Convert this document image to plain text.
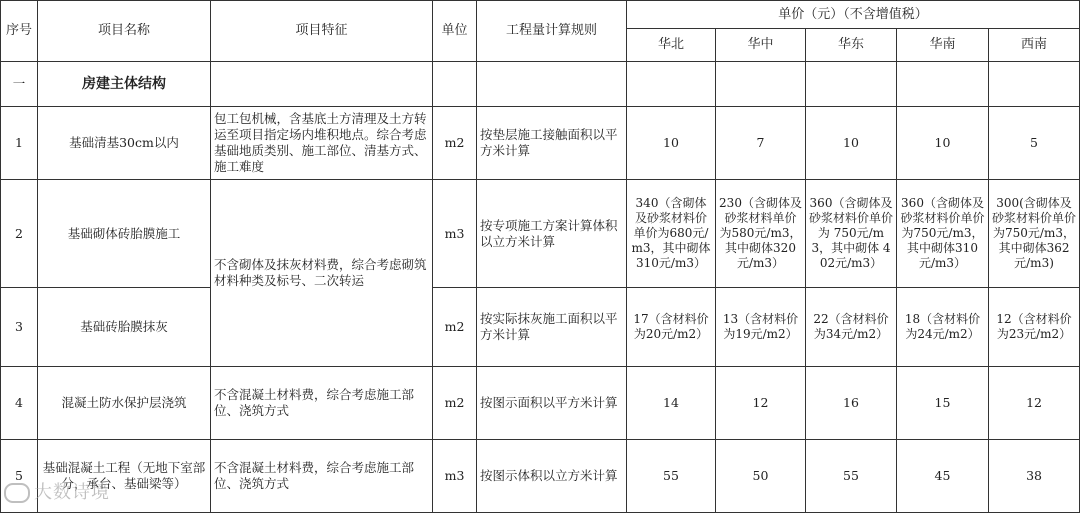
序号	项目名称	项目特征	单位	工程量计算规则	单价（元）（不含增值税）				
					华北	华中	华东	华南	西南
一	房建主体结构								
1	基础清基30cm以内	包工包机械，含基底土方清理及土方转运至项目指定场内堆积地点。综合考虑基础地质类别、施工部位、清基方式、施工难度	m2	按垫层施工接触面积以平方米计算	10	7	10	10	5
2	基础砌体砖胎膜施工	不含砌体及抹灰材料费，综合考虑砌筑材料种类及标号、二次转运	m3	按专项施工方案计算体积以立方米计算	340（含砌体及砂浆材料价单价为680元/m3，其中砌体 310元/m3）	230（含砌体及砂浆材料单价为580元/m3，其中砌体320元/m3）	360（含砌体及砂浆材料价单价为 750元/m3，其中砌体 402元/m3）	360（含砌体及砂浆材料价单价为750元/m3，其中砌体310元/m3）	300(含砌体及砂浆材料价单价为750元/m3，其中砌体362元/m3)
3	基础砖胎膜抹灰		m2	按实际抹灰施工面积以平方米计算	17（含材料价为20元/m2）	13（含材料价为19元/m2）	22（含材料价为34元/m2）	18（含材料价为24元/m2）	12（含材料价为23元/m2）
4	混凝土防水保护层浇筑	不含混凝土材料费，综合考虑施工部位、浇筑方式	m2	按图示面积以平方米计算	14	12	16	15	12
5	基础混凝土工程（无地下室部分，承台、基础梁等）	不含混凝土材料费，综合考虑施工部位、浇筑方式	m3	按图示体积以立方米计算	55	50	55	45	38
大数诗境
